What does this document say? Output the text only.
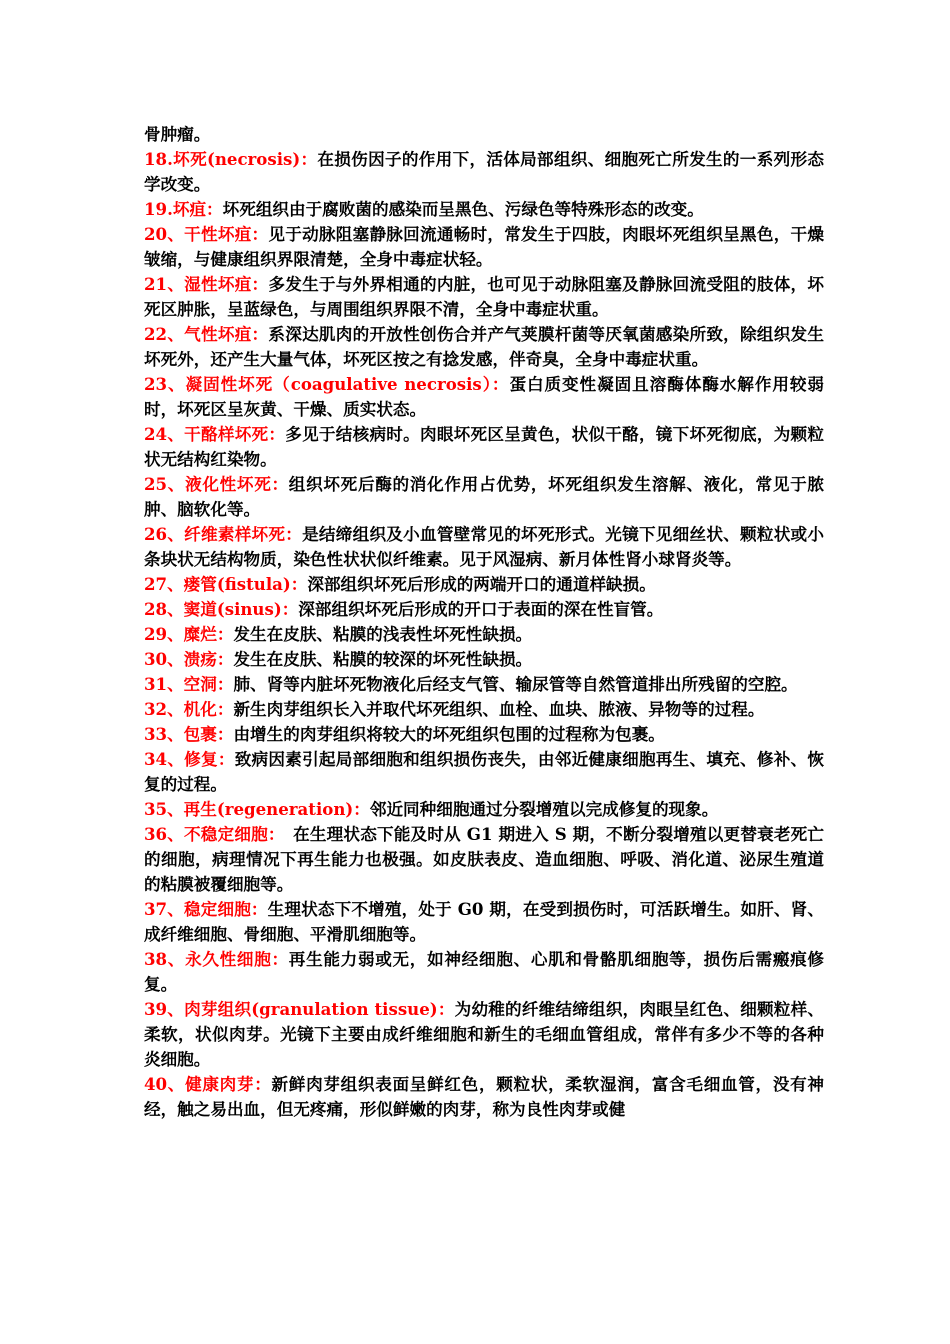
骨肿瘤。

18.坏死(necrosis)：在损伤因子的作用下，活体局部组织、细胞死亡所发生的一系列形态学改变。

19.坏疽：坏死组织由于腐败菌的感染而呈黑色、污绿色等特殊形态的改变。

20、干性坏疽：见于动脉阻塞静脉回流通畅时，常发生于四肢，肉眼坏死组织呈黑色，干燥皱缩，与健康组织界限清楚，全身中毒症状轻。

21、湿性坏疽：多发生于与外界相通的内脏，也可见于动脉阻塞及静脉回流受阻的肢体，坏死区肿胀，呈蓝绿色，与周围组织界限不清，全身中毒症状重。

22、气性坏疽：系深达肌肉的开放性创伤合并产气荚膜杆菌等厌氧菌感染所致，除组织发生坏死外，还产生大量气体，坏死区按之有捻发感，伴奇臭，全身中毒症状重。

23、凝固性坏死（coagulative necrosis）：蛋白质变性凝固且溶酶体酶水解作用较弱时，坏死区呈灰黄、干燥、质实状态。

24、干酪样坏死：多见于结核病时。肉眼坏死区呈黄色，状似干酪，镜下坏死彻底，为颗粒状无结构红染物。

25、液化性坏死：组织坏死后酶的消化作用占优势，坏死组织发生溶解、液化，常见于脓肿、脑软化等。

26、纤维素样坏死：是结缔组织及小血管壁常见的坏死形式。光镜下见细丝状、颗粒状或小条块状无结构物质，染色性状状似纤维素。见于风湿病、新月体性肾小球肾炎等。

27、瘘管(fistula)：深部组织坏死后形成的两端开口的通道样缺损。

28、窦道(sinus)：深部组织坏死后形成的开口于表面的深在性盲管。

29、糜烂：发生在皮肤、粘膜的浅表性坏死性缺损。

30、溃疡：发生在皮肤、粘膜的较深的坏死性缺损。

31、空洞：肺、肾等内脏坏死物液化后经支气管、输尿管等自然管道排出所残留的空腔。

32、机化：新生肉芽组织长入并取代坏死组织、血栓、血块、脓液、异物等的过程。

33、包裹：由增生的肉芽组织将较大的坏死组织包围的过程称为包裹。

34、修复：致病因素引起局部细胞和组织损伤丧失，由邻近健康细胞再生、填充、修补、恢复的过程。

35、再生(regeneration)：邻近同种细胞通过分裂增殖以完成修复的现象。

36、不稳定细胞：　在生理状态下能及时从 G1 期进入 S 期，不断分裂增殖以更替衰老死亡的细胞，病理情况下再生能力也极强。如皮肤表皮、造血细胞、呼吸、消化道、泌尿生殖道的粘膜被覆细胞等。

37、稳定细胞：生理状态下不增殖，处于 G0 期，在受到损伤时，可活跃增生。如肝、肾、成纤维细胞、骨细胞、平滑肌细胞等。

38、永久性细胞：再生能力弱或无，如神经细胞、心肌和骨骼肌细胞等，损伤后需瘢痕修复。

39、肉芽组织(granulation tissue)：为幼稚的纤维结缔组织，肉眼呈红色、细颗粒样、柔软，状似肉芽。光镜下主要由成纤维细胞和新生的毛细血管组成，常伴有多少不等的各种炎细胞。

40、健康肉芽：新鲜肉芽组织表面呈鲜红色，颗粒状，柔软湿润，富含毛细血管，没有神经，触之易出血，但无疼痛，形似鲜嫩的肉芽，称为良性肉芽或健
